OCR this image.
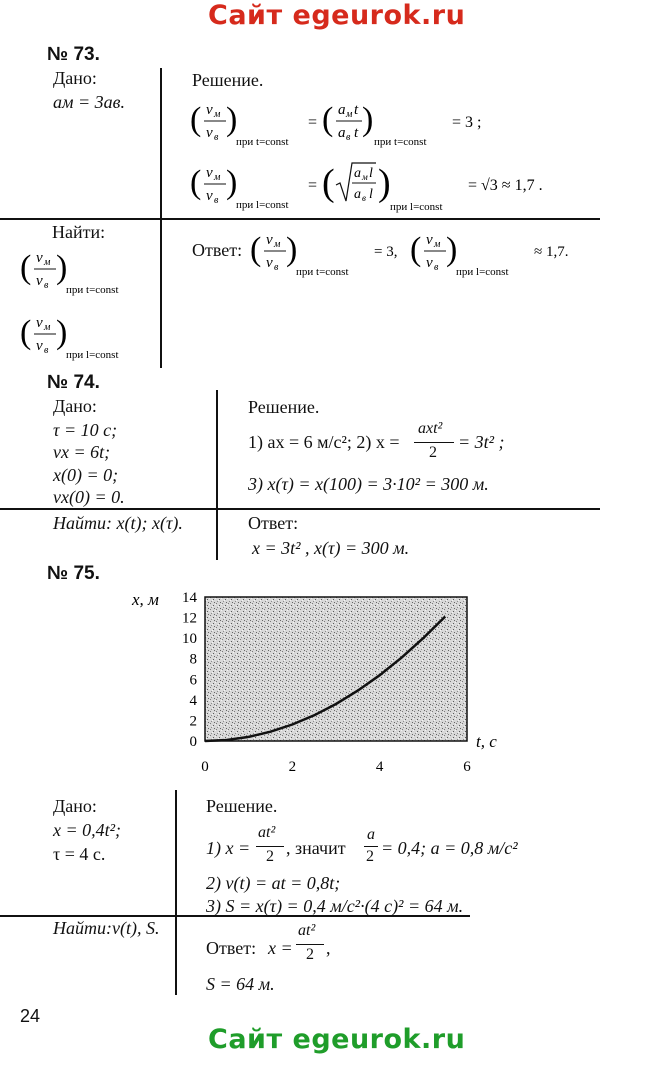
Сайт egeurok.ru
№ 73.
Дано:
aм = 3aв.
Решение.
( v м
v в )
при t=const
= ( a м t
a в t )
при t=const
= 3 ;
( v м
v в )
при l=const
= ( a м l
a в l )
при l=const
= √3 ≈ 1,7 .
Найти:
( v м
v в )
при t=const
( v м
v в )
при l=const
Ответ: ( v м
v в )
при t=const
= 3, ( v м
v в )
при l=const
≈ 1,7.
№ 74.
Дано:
τ = 10 с;
vx = 6t;
x(0) = 0;
vx(0) = 0.
Решение.
1) ax = 6 м/с²; 2) x =
axt²
2
= 3t² ;
3) x(τ) = x(100) = 3·10² = 300 м.
Найти: x(t); x(τ).	Ответ:
x = 3t² , x(τ) = 300 м.
№ 75.
0
2
4
6
8
10
12
14
0	2	4	6
x, м
t, с
Дано:
x = 0,4t²;
τ = 4 с.
Решение.
1) x =
at²
2 , значит
a
2 = 0,4; a = 0,8 м/с²
2) v(t) = at = 0,8t;
3) S = x(τ) = 0,4 м/с²·(4 с)² = 64 м.
Найти:v(t), S.
Ответ: x =
at²
2 ,
S = 64 м.
24
Сайт egeurok.ru
